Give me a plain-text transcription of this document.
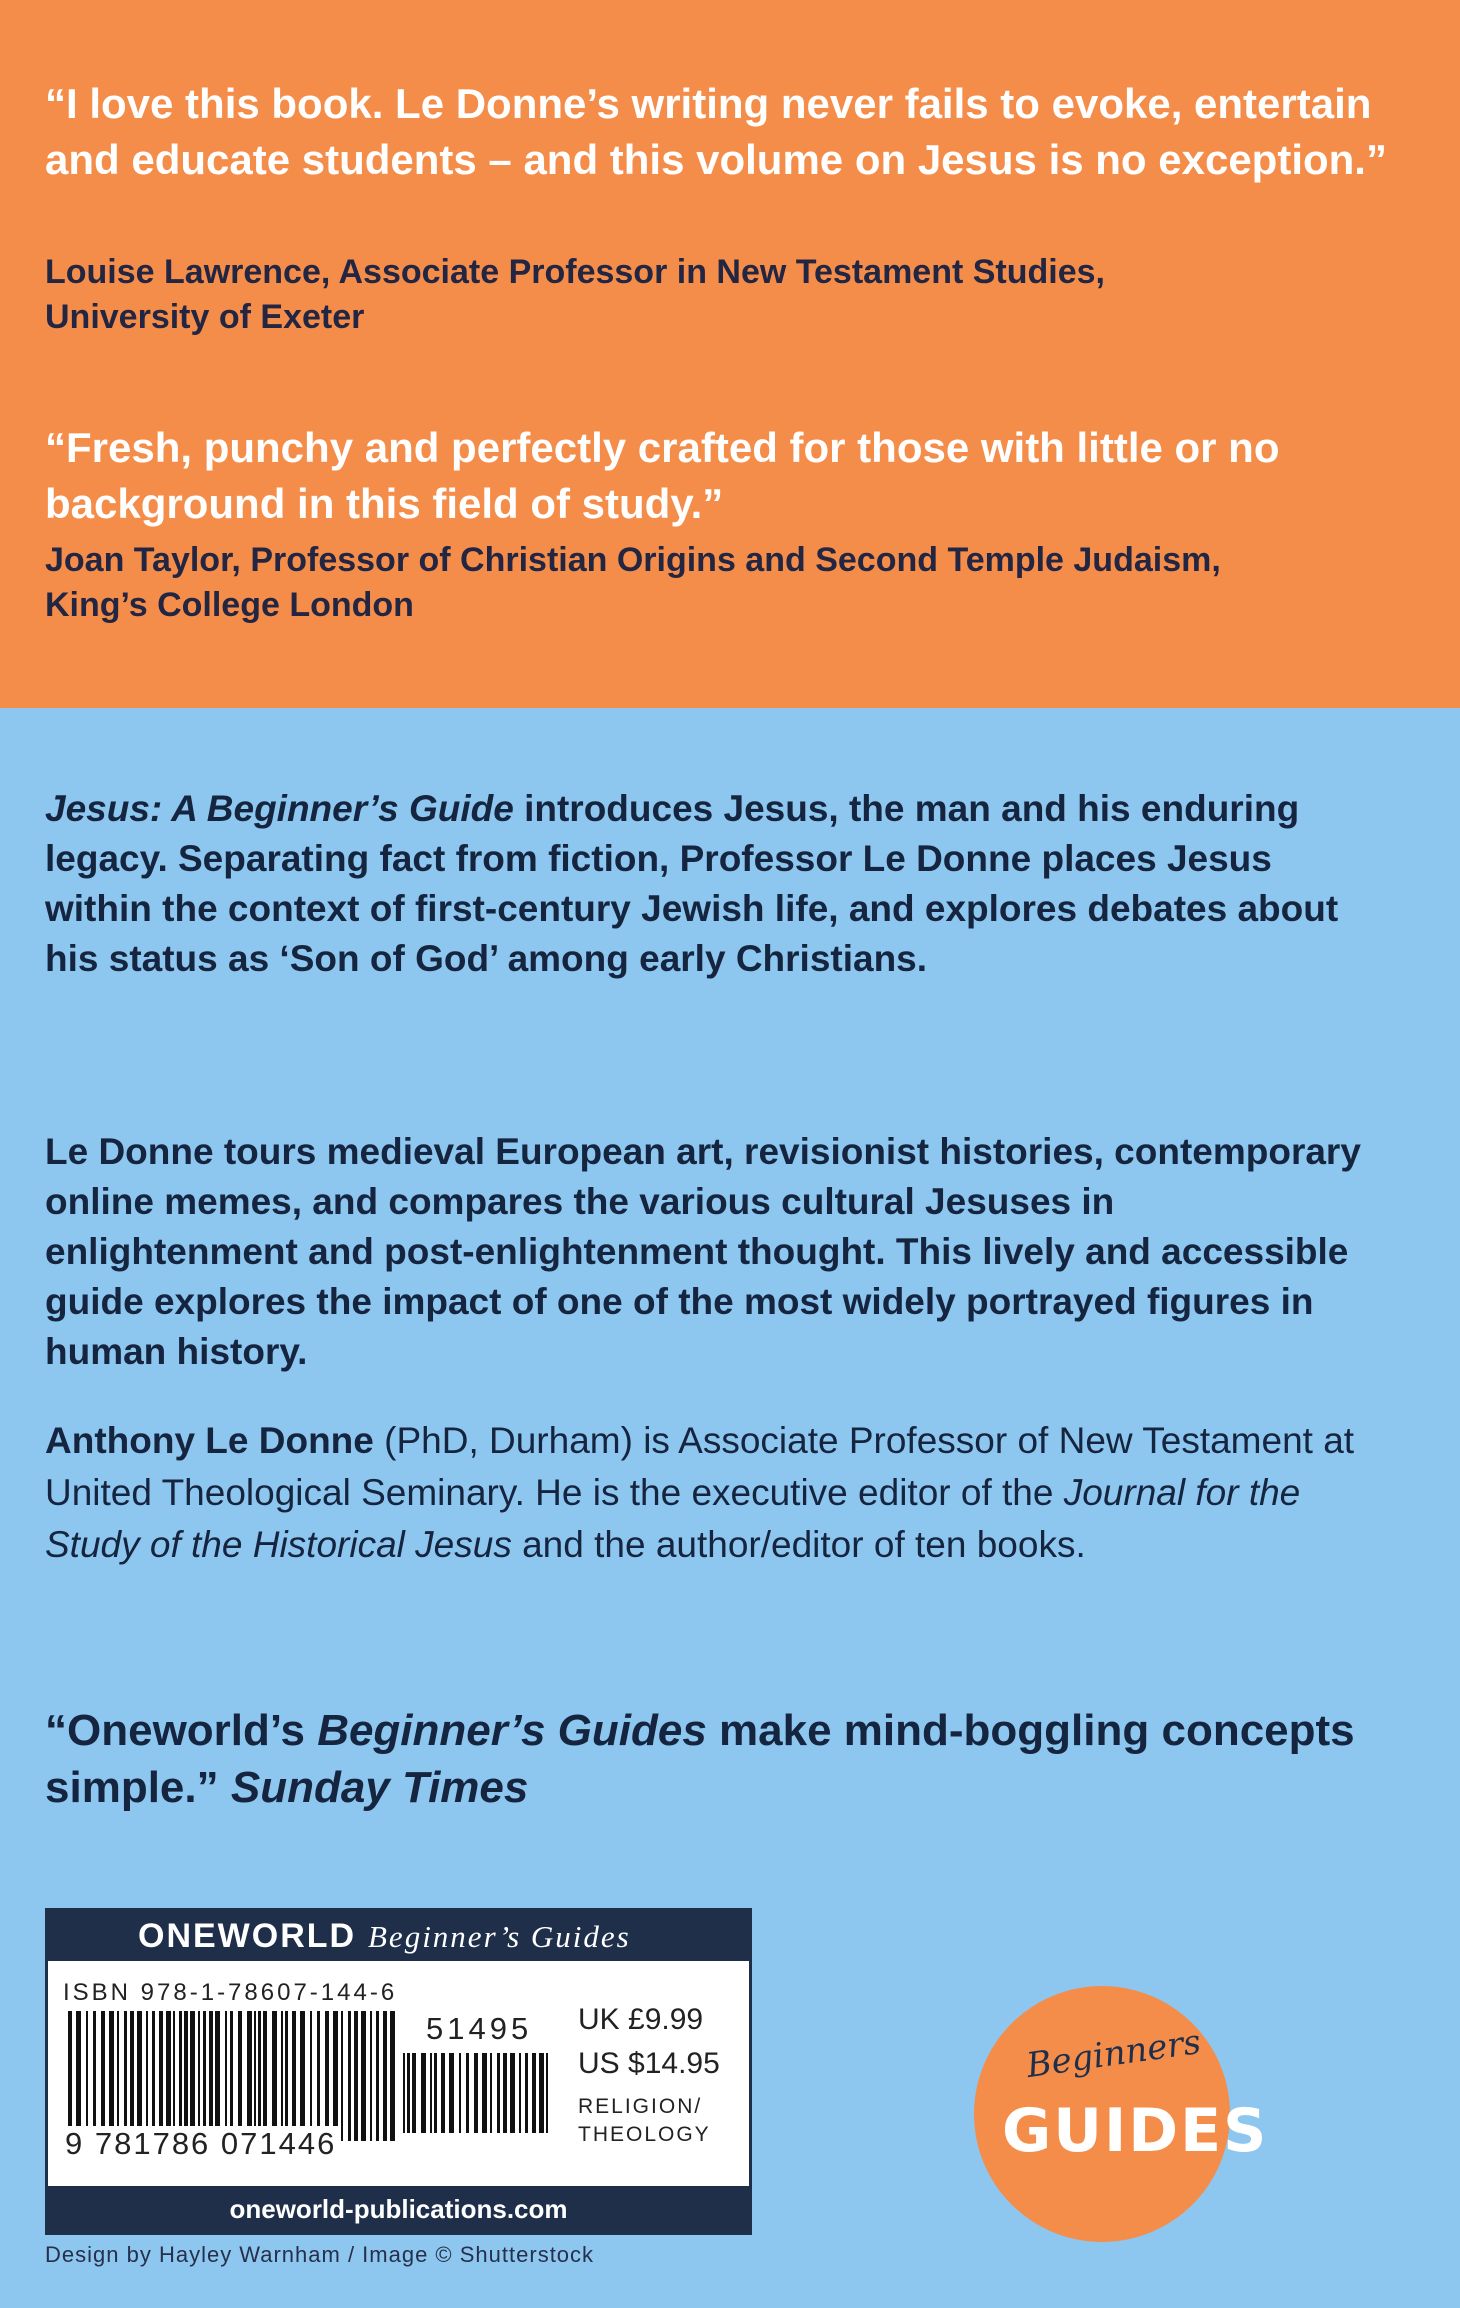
“I love this book. Le Donne’s writing never fails to evoke, entertain and educate students – and this volume on Jesus is no exception.”
Louise Lawrence, Associate Professor in New Testament Studies, University of Exeter
“Fresh, punchy and perfectly crafted for those with little or no background in this field of study.”
Joan Taylor, Professor of Christian Origins and Second Temple Judaism, King’s College London
Jesus: A Beginner’s Guide introduces Jesus, the man and his enduring legacy. Separating fact from fiction, Professor Le Donne places Jesus within the context of first-century Jewish life, and explores debates about his status as ‘Son of God’ among early Christians.
Le Donne tours medieval European art, revisionist histories, contemporary online memes, and compares the various cultural Jesuses in enlightenment and post-enlightenment thought. This lively and accessible guide explores the impact of one of the most widely portrayed figures in human history.
Anthony Le Donne (PhD, Durham) is Associate Professor of New Testament at United Theological Seminary. He is the executive editor of the Journal for the Study of the Historical Jesus and the author/editor of ten books.
“Oneworld’s Beginner’s Guides make mind-boggling concepts simple.” Sunday Times
ONEWORLD Beginner’s Guides
ISBN 978-1-78607-144-6
9 781786 071446
51495 UK £9.99
US $14.95
RELIGION/
THEOLOGY
oneworld-publications.com
Design by Hayley Warnham / Image © Shutterstock
Beginners
GUIDES
